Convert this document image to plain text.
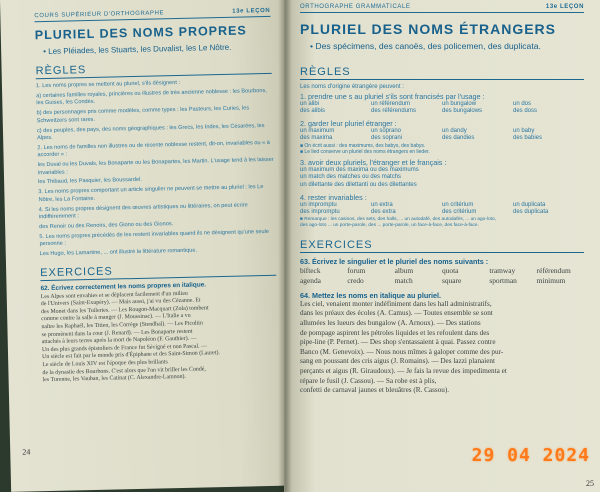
COURS SUPÉRIEUR D'ORTHOGRAPHE	13e LEÇON
PLURIEL DES NOMS PROPRES
• Les Pléiades, les Stuarts, les Duvalist, les Le Nôtre.
RÈGLES
1. Les noms propres se mettent au pluriel, s'ils désignent :
a) certaines familles royales, princières ou illustres de très ancienne noblesse : les Bourbons, les Guises, les Condés.
b) des personnages pris comme modèles, comme types : les Pasteurs, les Curies, les Schweitzers sont rares.
c) des peuples, des pays, des noms géographiques : les Grecs, les Indes, les Césarées, les Alpes.
2. Les noms de familles non illustres ou de récente noblesse restent, dit-on, invariables ou « à accorder » :
les Duval ou les Duvals, les Bonaparte ou les Bonapartes, les Martin. L'usage tend à les laisser invariables :
les Thibaud, les Pasquier, les Boussardel.
3. Les noms propres comportant un article singulier ne peuvent se mettre au pluriel : les Le Nôtre, les La Fontaine.
4. Si les noms propres désignent des œuvres artistiques ou littéraires, on peut écrire indifféremment :
des Renoir ou des Renoirs, des Giono ou des Gionos.
5. Les noms propres précédés de les restent invariables quand ils ne désignent qu'une seule personne :
Les Hugo, les Lamartine, ... ont illustré la littérature romantique.
EXERCICES
62. Écrivez correctement les noms propres en italique.
Les Alpes sont envahies et se déplacent facilement d'un milieu
de l'Univers (Saint-Exupéry). — Mais aussi, j'ai vu des Cézanne. Et
des Monet dans les Tuileries. — Les Rougon-Macquart (Zola) tombent
comme contre la salle à manger (J. Moussinac). — L'Italie a vu
naître les Raphaël, les Titien, les Corrège (Stendhal). — Les Picoltin
se promènent dans la cour (J. Renard). — Les Bonaparte restent
attachés à leurs terres après la mort de Napoléon (F. Gauthier). —
Un des plus grands épistoliers de France fut Sévigné et non Pascal. —
Un siècle est fait par le monde pris d'Épiphane et des Saint-Simon (Lauret).
Le siècle de Louis XIV est l'époque des plus brillants
de la dynastie des Bourbons. C'est alors que l'on vit briller les Condé,
les Turenne, les Vauban, les Catinat (C. Alexandre-Lamnon).
24
ORTHOGRAPHE GRAMMATICALE	13e LEÇON
PLURIEL DES NOMS ÉTRANGERS
• Des spécimens, des canoës, des policemen, des duplicata.
RÈGLES
Les noms d'origine étrangère peuvent :
1. prendre une s au pluriel s'ils sont francisés par l'usage :
un alibi	un référendum	un bungalow	un dos
des alibis	des référendums	des bungalows	des doss
2. garder leur pluriel étranger :
un maximum	un soprano	un dandy	un baby
des maxima	des soprani	des dandies	des babies
■ On écrit aussi : des maximums, des babys, des babys.
■ Le lied conserve un pluriel des noms étrangers en lieder.
3. avoir deux pluriels, l'étranger et le français :
un maximum des maxima ou des maximums
un match des matches ou des matchs
un dilettante des dilettanti ou des dilettantes
4. rester invariables :
un impromptu	un extra	un critérium	un duplicata
des impromptu	des extra	des critérium	des duplicata
■ Remarque : les casinos, des sets, des halls, ... un autodafé, des autodafés, ... un ago-loto,
des ago-loto ... un porte-parole, des ... porte-parole, un face-à-face, des face-à-face.
EXERCICES
63. Écrivez le singulier et le pluriel des noms suivants :
bifteck	forum	album	quota	tramway	référendum
agenda	credo	match	square	sportman	minimum
64. Mettez les noms en italique au pluriel.
Les ciel, venaient monter indéfiniment dans les hall administratifs,
dans les préaux des écoles (A. Camus). — Toutes ensemble se sont
allumées les lueurs des bungalow (A. Arnoux). — Des stations
de pompage aspirent les pétroles liquides et les refoulent dans des
pipe-line (P. Pernet). — Des shop s'entassaient à quai. Passez contre
Banco (M. Genevoix). — Nous nous mîmes à galoper comme des pur-
sang en poussant des cris aigus (J. Romains). — Des lazzi planaient
perçants et aigus (R. Giraudoux). — Je fais la revue des impedimenta et
répare le fusil (J. Cassou). — Sa robe est à plis,
confetti de carnaval jaunes et bleuâtres (R. Cassou).
25
29 04 2024
